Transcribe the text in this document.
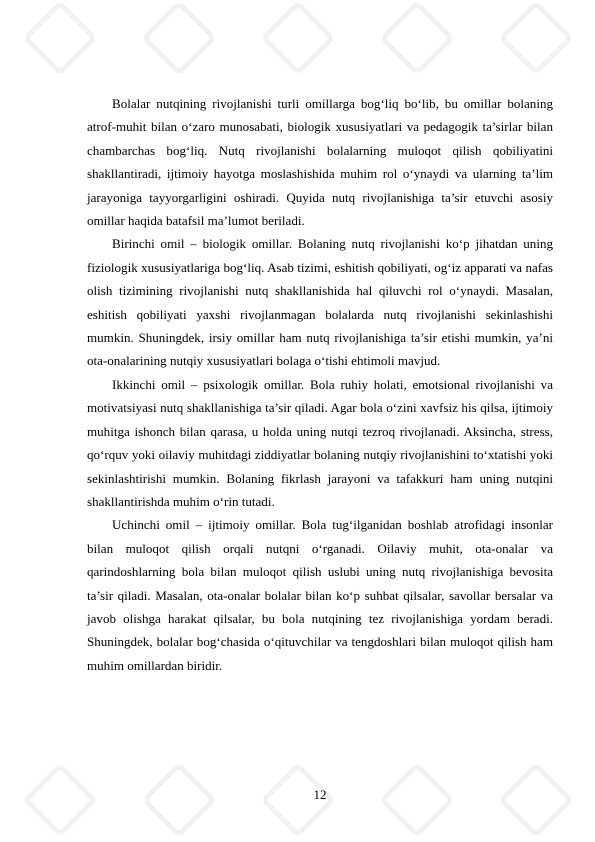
Bolalar nutqining rivojlanishi turli omillarga bog‘liq bo‘lib, bu omillar bolaning atrof-muhit bilan o‘zaro munosabati, biologik xususiyatlari va pedagogik ta’sirlar bilan chambarchas bog‘liq. Nutq rivojlanishi bolalarning muloqot qilish qobiliyatini shakllantiradi, ijtimoiy hayotga moslashishida muhim rol o‘ynaydi va ularning ta’lim jarayoniga tayyorgarligini oshiradi. Quyida nutq rivojlanishiga ta’sir etuvchi asosiy omillar haqida batafsil ma’lumot beriladi.

Birinchi omil – biologik omillar. Bolaning nutq rivojlanishi ko‘p jihatdan uning fiziologik xususiyatlariga bog‘liq. Asab tizimi, eshitish qobiliyati, og‘iz apparati va nafas olish tizimining rivojlanishi nutq shakllanishida hal qiluvchi rol o‘ynaydi. Masalan, eshitish qobiliyati yaxshi rivojlanmagan bolalarda nutq rivojlanishi sekinlashishi mumkin. Shuningdek, irsiy omillar ham nutq rivojlanishiga ta’sir etishi mumkin, ya’ni ota-onalarining nutqiy xususiyatlari bolaga o‘tishi ehtimoli mavjud.

Ikkinchi omil – psixologik omillar. Bola ruhiy holati, emotsional rivojlanishi va motivatsiyasi nutq shakllanishiga ta’sir qiladi. Agar bola o‘zini xavfsiz his qilsa, ijtimoiy muhitga ishonch bilan qarasa, u holda uning nutqi tezroq rivojlanadi. Aksincha, stress, qo‘rquv yoki oilaviy muhitdagi ziddiyatlar bolaning nutqiy rivojlanishini to‘xtatishi yoki sekinlashtirishi mumkin. Bolaning fikrlash jarayoni va tafakkuri ham uning nutqini shakllantirishda muhim o‘rin tutadi.

Uchinchi omil – ijtimoiy omillar. Bola tug‘ilganidan boshlab atrofidagi insonlar bilan muloqot qilish orqali nutqni o‘rganadi. Oilaviy muhit, ota-onalar va qarindoshlarning bola bilan muloqot qilish uslubi uning nutq rivojlanishiga bevosita ta’sir qiladi. Masalan, ota-onalar bolalar bilan ko‘p suhbat qilsalar, savollar bersalar va javob olishga harakat qilsalar, bu bola nutqining tez rivojlanishiga yordam beradi. Shuningdek, bolalar bog‘chasida o‘qituvchilar va tengdoshlari bilan muloqot qilish ham muhim omillardan biridir.

12
